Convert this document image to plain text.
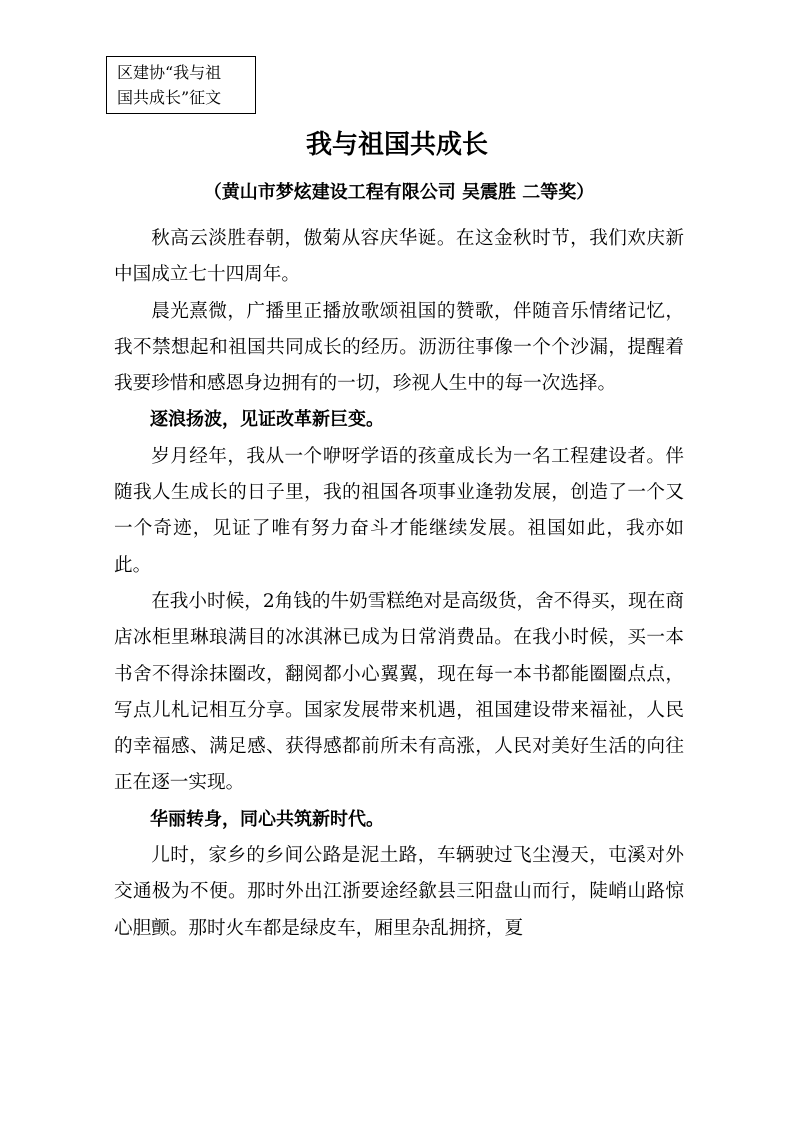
区建协“我与祖
国共成长”征文
我与祖国共成长
（黄山市梦炫建设工程有限公司 吴震胜 二等奖）

秋高云淡胜春朝，傲菊从容庆华诞。在这金秋时节，我们欢庆新中国成立七十四周年。

晨光熹微，广播里正播放歌颂祖国的赞歌，伴随音乐情绪记忆，我不禁想起和祖国共同成长的经历。沥沥往事像一个个沙漏，提醒着我要珍惜和感恩身边拥有的一切，珍视人生中的每一次选择。

逐浪扬波，见证改革新巨变。

岁月经年，我从一个咿呀学语的孩童成长为一名工程建设者。伴随我人生成长的日子里，我的祖国各项事业逢勃发展，创造了一个又一个奇迹，见证了唯有努力奋斗才能继续发展。祖国如此，我亦如此。

在我小时候，2角钱的牛奶雪糕绝对是高级货，舍不得买，现在商店冰柜里琳琅满目的冰淇淋已成为日常消费品。在我小时候，买一本书舍不得涂抹圈改，翻阅都小心翼翼，现在每一本书都能圈圈点点，写点儿札记相互分享。国家发展带来机遇，祖国建设带来福祉，人民的幸福感、满足感、获得感都前所未有高涨，人民对美好生活的向往正在逐一实现。

华丽转身，同心共筑新时代。

儿时，家乡的乡间公路是泥土路，车辆驶过飞尘漫天，屯溪对外交通极为不便。那时外出江浙要途经歙县三阳盘山而行，陡峭山路惊心胆颤。那时火车都是绿皮车，厢里杂乱拥挤，夏
